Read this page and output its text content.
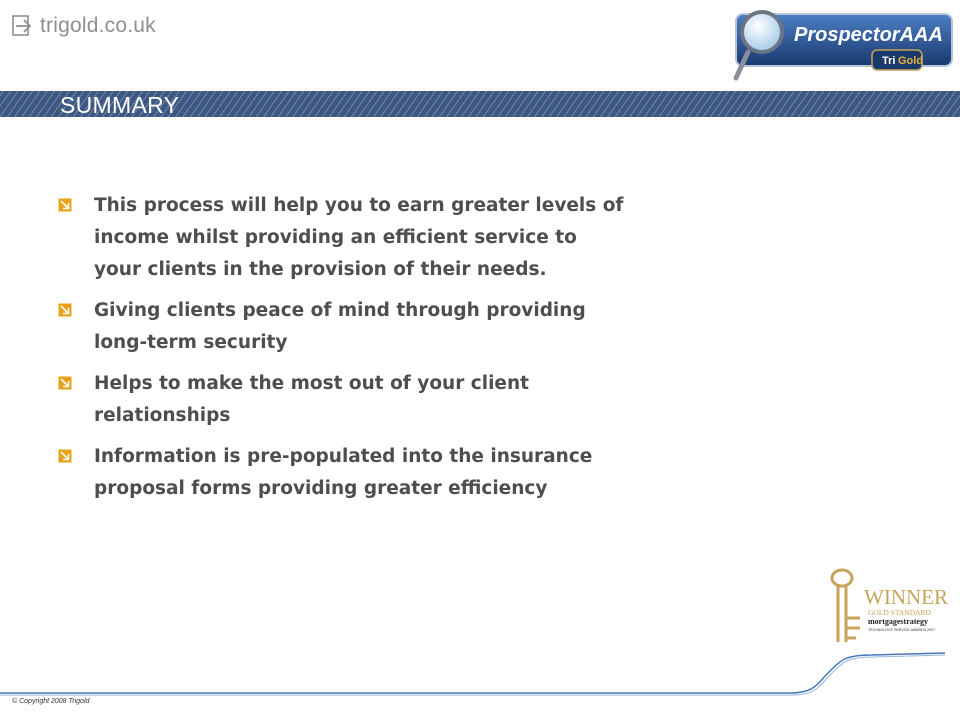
trigold.co.uk
Tri Gold
ProspectorAAA
SUMMARY
This process will help you to earn greater levels of income whilst providing an efficient service to your clients in the provision of their needs.
Giving clients peace of mind through providing long-term security
Helps to make the most out of your client relationships
Information is pre-populated into the insurance proposal forms providing greater efficiency
WINNER
GOLD STANDARD
mortgagestrategy
TECHNOLOGY SERVICE AWARDS 2007
© Copyright 2008 Trigold
